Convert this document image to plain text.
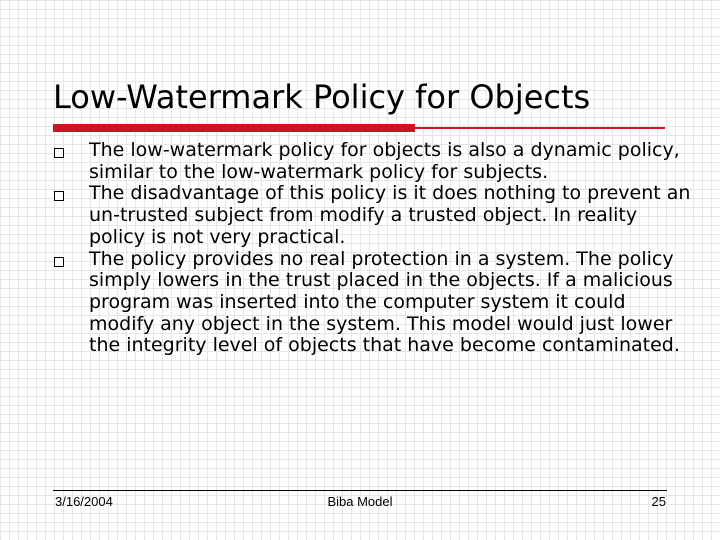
Low-Watermark Policy for Objects
The low-watermark policy for objects is also a dynamic policy, similar to the low-watermark policy for subjects.
The disadvantage of this policy is it does nothing to prevent an un-trusted subject from modify a trusted object. In reality policy is not very practical.
The policy provides no real protection in a system. The policy simply lowers in the trust placed in the objects. If a malicious program was inserted into the computer system it could modify any object in the system. This model would just lower the integrity level of objects that have become contaminated.
3/16/2004	Biba Model	25
